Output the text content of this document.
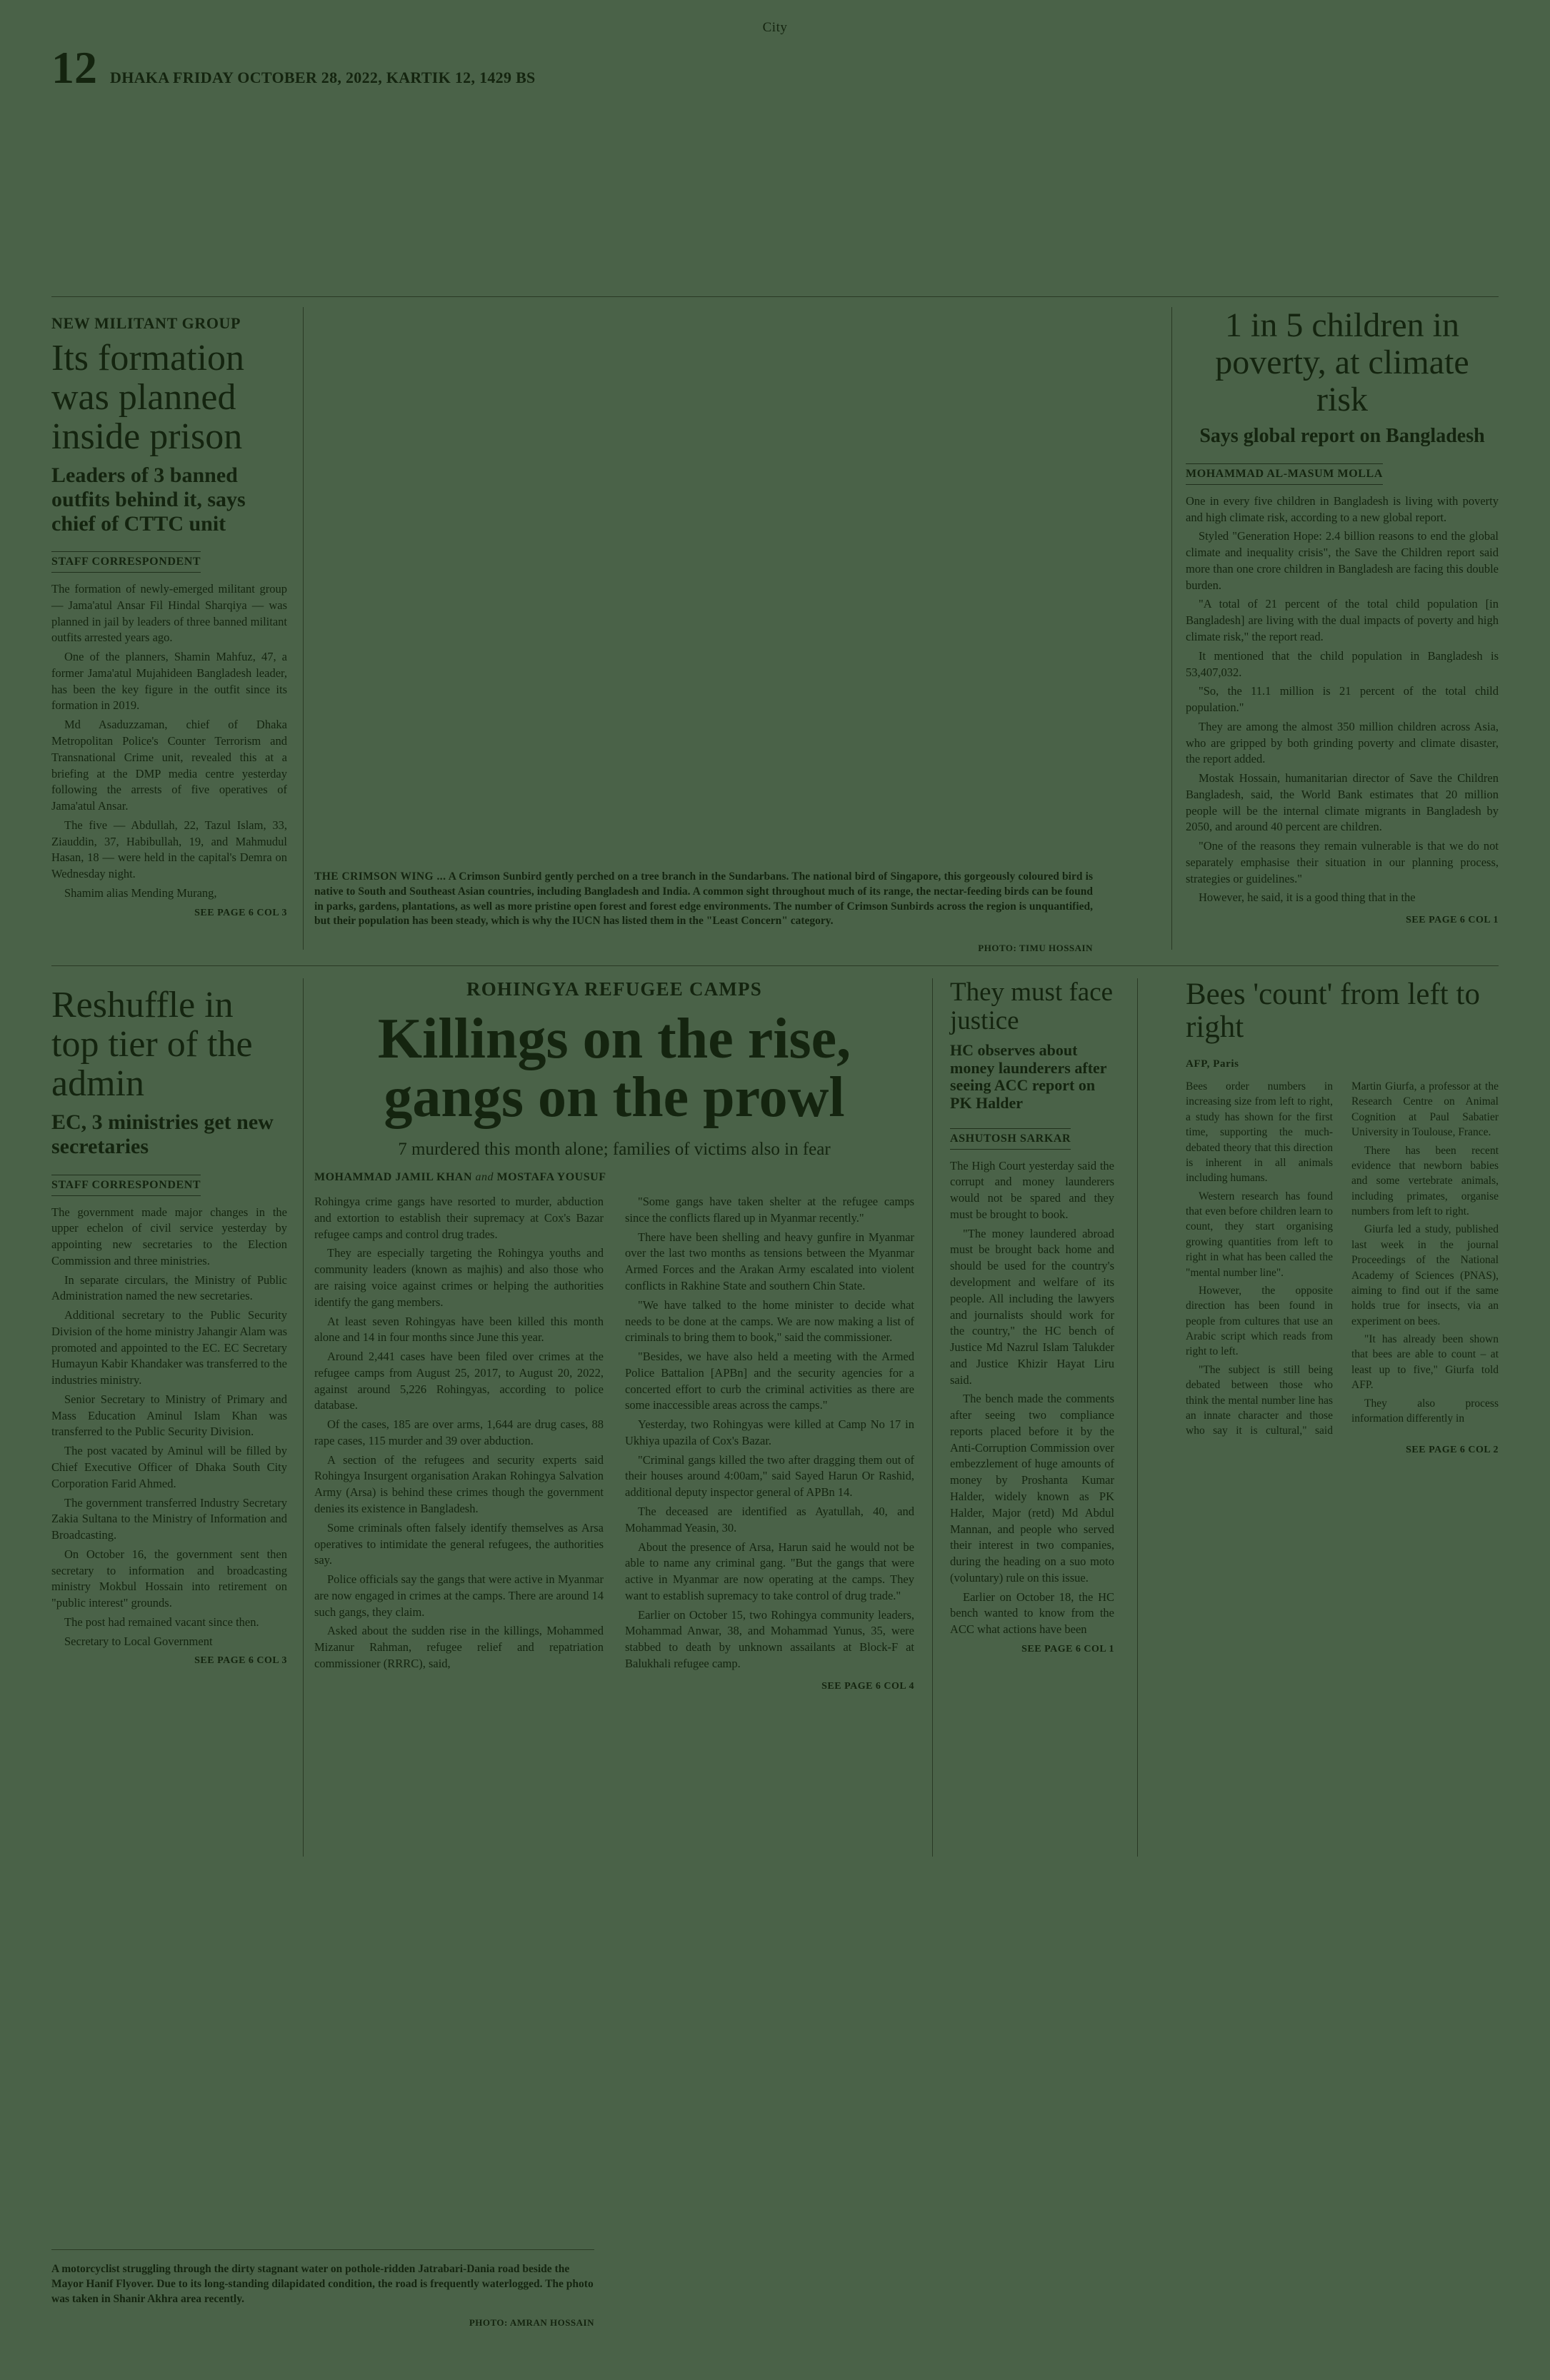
City
12 DHAKA FRIDAY OCTOBER 28, 2022, KARTIK 12, 1429 BS
NEW MILITANT GROUP
Its formation was planned inside prison
Leaders of 3 banned outfits behind it, says chief of CTTC unit
STAFF CORRESPONDENT

The formation of newly-emerged militant group — Jama'atul Ansar Fil Hindal Sharqiya — was planned in jail by leaders of three banned militant outfits arrested years ago.

One of the planners, Shamin Mahfuz, 47, a former Jama'atul Mujahideen Bangladesh leader, has been the key figure in the outfit since its formation in 2019.

Md Asaduzzaman, chief of Dhaka Metropolitan Police's Counter Terrorism and Transnational Crime unit, revealed this at a briefing at the DMP media centre yesterday following the arrests of five operatives of Jama'atul Ansar.

The five — Abdullah, 22, Tazul Islam, 33, Ziauddin, 37, Habibullah, 19, and Mahmudul Hasan, 18 — were held in the capital's Demra on Wednesday night.

Shamim alias Mending Murang,

SEE PAGE 6 COL 3
Reshuffle in top tier of the admin
EC, 3 ministries get new secretaries
STAFF CORRESPONDENT

The government made major changes in the upper echelon of civil service yesterday by appointing new secretaries to the Election Commission and three ministries.

In separate circulars, the Ministry of Public Administration named the new secretaries.

Additional secretary to the Public Security Division of the home ministry Jahangir Alam was promoted and appointed to the EC. EC Secretary Humayun Kabir Khandaker was transferred to the industries ministry.

Senior Secretary to Ministry of Primary and Mass Education Aminul Islam Khan was transferred to the Public Security Division.

The post vacated by Aminul will be filled by Chief Executive Officer of Dhaka South City Corporation Farid Ahmed.

The government transferred Industry Secretary Zakia Sultana to the Ministry of Information and Broadcasting.

On October 16, the government sent then secretary to information and broadcasting ministry Mokbul Hossain into retirement on "public interest" grounds.

The post had remained vacant since then.

Secretary to Local Government

SEE PAGE 6 COL 3
THE CRIMSON WING ... A Crimson Sunbird gently perched on a tree branch in the Sundarbans. The national bird of Singapore, this gorgeously coloured bird is native to South and Southeast Asian countries, including Bangladesh and India. A common sight throughout much of its range, the nectar-feeding birds can be found in parks, gardens, plantations, as well as more pristine open forest and forest edge environments. The number of Crimson Sunbirds across the region is unquantified, but their population has been steady, which is why the IUCN has listed them in the "Least Concern" category.
PHOTO: TIMU HOSSAIN
ROHINGYA REFUGEE CAMPS
Killings on the rise, gangs on the prowl
7 murdered this month alone; families of victims also in fear
MOHAMMAD JAMIL KHAN and MOSTAFA YOUSUF

Rohingya crime gangs have resorted to murder, abduction and extortion to establish their supremacy at Cox's Bazar refugee camps and control drug trades.

They are especially targeting the Rohingya youths and community leaders (known as majhis) and also those who are raising voice against crimes or helping the authorities identify the gang members.

At least seven Rohingyas have been killed this month alone and 14 in four months since June this year.

Around 2,441 cases have been filed over crimes at the refugee camps from August 25, 2017, to August 20, 2022, against around 5,226 Rohingyas, according to police database.

Of the cases, 185 are over arms, 1,644 are drug cases, 88 rape cases, 115 murder and 39 over abduction.

A section of the refugees and security experts said Rohingya Insurgent organisation Arakan Rohingya Salvation Army (Arsa) is behind these crimes though the government denies its existence in Bangladesh.

Some criminals often falsely identify themselves as Arsa operatives to intimidate the general refugees, the authorities say.

Police officials say the gangs that were active in Myanmar are now engaged in crimes at the camps. There are around 14 such gangs, they claim.

Asked about the sudden rise in the killings, Mohammed Mizanur Rahman, refugee relief and repatriation commissioner (RRRC), said,

"Some gangs have taken shelter at the refugee camps since the conflicts flared up in Myanmar recently."

There have been shelling and heavy gunfire in Myanmar over the last two months as tensions between the Myanmar Armed Forces and the Arakan Army escalated into violent conflicts in Rakhine State and southern Chin State.

"We have talked to the home minister to decide what needs to be done at the camps. We are now making a list of criminals to bring them to book," said the commissioner.

"Besides, we have also held a meeting with the Armed Police Battalion [APBn] and the security agencies for a concerted effort to curb the criminal activities as there are some inaccessible areas across the camps."

Yesterday, two Rohingyas were killed at Camp No 17 in Ukhiya upazila of Cox's Bazar.

"Criminal gangs killed the two after dragging them out of their houses around 4:00am," said Sayed Harun Or Rashid, additional deputy inspector general of APBn 14.

The deceased are identified as Ayatullah, 40, and Mohammad Yeasin, 30.

About the presence of Arsa, Harun said he would not be able to name any criminal gang. "But the gangs that were active in Myanmar are now operating at the camps. They want to establish supremacy to take control of drug trade."

Earlier on October 15, two Rohingya community leaders, Mohammad Anwar, 38, and Mohammad Yunus, 35, were stabbed to death by unknown assailants at Block-F at Balukhali refugee camp.

SEE PAGE 6 COL 4
They must face justice
HC observes about money launderers after seeing ACC report on PK Halder
ASHUTOSH SARKAR

The High Court yesterday said the corrupt and money launderers would not be spared and they must be brought to book.

"The money laundered abroad must be brought back home and should be used for the country's development and welfare of its people. All including the lawyers and journalists should work for the country," the HC bench of Justice Md Nazrul Islam Talukder and Justice Khizir Hayat Liru said.

The bench made the comments after seeing two compliance reports placed before it by the Anti-Corruption Commission over embezzlement of huge amounts of money by Proshanta Kumar Halder, widely known as PK Halder, Major (retd) Md Abdul Mannan, and people who served their interest in two companies, during the heading on a suo moto (voluntary) rule on this issue.

Earlier on October 18, the HC bench wanted to know from the ACC what actions have been

SEE PAGE 6 COL 1
1 in 5 children in poverty, at climate risk
Says global report on Bangladesh
MOHAMMAD AL-MASUM MOLLA

One in every five children in Bangladesh is living with poverty and high climate risk, according to a new global report.

Styled "Generation Hope: 2.4 billion reasons to end the global climate and inequality crisis", the Save the Children report said more than one crore children in Bangladesh are facing this double burden.

"A total of 21 percent of the total child population [in Bangladesh] are living with the dual impacts of poverty and high climate risk," the report read.

It mentioned that the child population in Bangladesh is 53,407,032.

"So, the 11.1 million is 21 percent of the total child population."

They are among the almost 350 million children across Asia, who are gripped by both grinding poverty and climate disaster, the report added.

Mostak Hossain, humanitarian director of Save the Children Bangladesh, said, the World Bank estimates that 20 million people will be the internal climate migrants in Bangladesh by 2050, and around 40 percent are children.

"One of the reasons they remain vulnerable is that we do not separately emphasise their situation in our planning process, strategies or guidelines."

However, he said, it is a good thing that in the

SEE PAGE 6 COL 1
Bees 'count' from left to right
AFP, Paris

Bees order numbers in increasing size from left to right, a study has shown for the first time, supporting the much-debated theory that this direction is inherent in all animals including humans.

Western research has found that even before children learn to count, they start organising growing quantities from left to right in what has been called the "mental number line".

However, the opposite direction has been found in people from cultures that use an Arabic script which reads from right to left.

"The subject is still being debated between those who think the mental number line has an innate character and those who say it is cultural," said Martin Giurfa, a professor at the Research Centre on Animal Cognition at Paul Sabatier University in Toulouse, France.

There has been recent evidence that newborn babies and some vertebrate animals, including primates, organise numbers from left to right.

Giurfa led a study, published last week in the journal Proceedings of the National Academy of Sciences (PNAS), aiming to find out if the same holds true for insects, via an experiment on bees.

"It has already been shown that bees are able to count – at least up to five," Giurfa told AFP.

They also process information differently in

SEE PAGE 6 COL 2
A motorcyclist struggling through the dirty stagnant water on pothole-ridden Jatrabari-Dania road beside the Mayor Hanif Flyover. Due to its long-standing dilapidated condition, the road is frequently waterlogged. The photo was taken in Shanir Akhra area recently.
PHOTO: AMRAN HOSSAIN
